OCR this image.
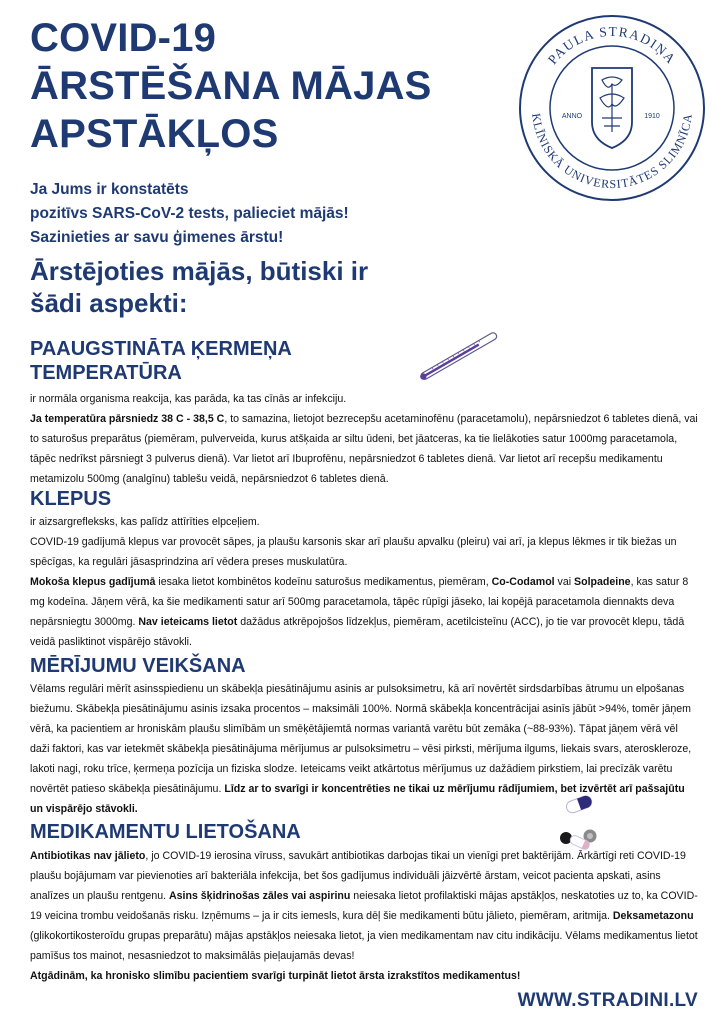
COVID-19
ĀRSTĒŠANA MĀJAS
APSTĀKĻOS
PAULA STRADIŅA
KLĪNISKĀ UNIVERSITĀTES SLIMNĪCA
ANNO	1910
Ja Jums ir konstatēts
pozitīvs SARS-CoV-2 tests, palieciet mājās!
Sazinieties ar savu ģimenes ārstu!
Ārstējoties mājās, būtiski ir
šādi aspekti:
PAAUGSTINĀTA ĶERMEŅA
TEMPERATŪRA

ir normāla organisma reakcija, kas parāda, ka tas cīnās ar infekciju.
Ja temperatūra pārsniedz 38 C - 38,5 C, to samazina, lietojot bezrecepšu acetaminofēnu (paracetamolu), nepārsniedzot 6 tabletes dienā, vai to saturošus preparātus (piemēram, pulverveida, kurus atšķaida ar siltu ūdeni, bet jāatceras, ka tie lielākoties satur 1000mg paracetamola, tāpēc nedrīkst pārsniegt 3 pulverus dienā). Var lietot arī Ibuprofēnu, nepārsniedzot 6 tabletes dienā. Var lietot arī recepšu medikamentu metamizolu 500mg (analgīnu) tablešu veidā, nepārsniedzot 6 tabletes dienā.

KLEPUS

ir aizsargrefleksks, kas palīdz attīrīties elpceļiem.
COVID-19 gadījumā klepus var provocēt sāpes, ja plaušu karsonis skar arī plaušu apvalku (pleiru) vai arī, ja klepus lēkmes ir tik biežas un spēcīgas, ka regulāri jāsasprindzina arī vēdera preses muskulatūra.
Mokoša klepus gadījumā iesaka lietot kombinētos kodeīnu saturošus medikamentus, piemēram, Co-Codamol vai Solpadeine, kas satur 8 mg kodeīna. Jāņem vērā, ka šie medikamenti satur arī 500mg paracetamola, tāpēc rūpīgi jāseko, lai kopējā paracetamola diennakts deva nepārsniegtu 3000mg. Nav ieteicams lietot dažādus atkrēpojošos līdzekļus, piemēram, acetilcisteīnu (ACC), jo tie var provocēt klepu, tādā veidā pasliktinot vispārējo stāvokli.

MĒRĪJUMU VEIKŠANA

Vēlams regulāri mērīt asinsspiedienu un skābekļa piesātinājumu asinis ar pulsoksimetru, kā arī novērtēt sirdsdarbības ātrumu un elpošanas biežumu. Skābekļa piesātinājumu asinis izsaka procentos – maksimāli 100%. Normā skābekļa koncentrācijai asinīs jābūt >94%, tomēr jāņem vērā, ka pacientiem ar hroniskām plaušu slimībām un smēķētājiemtā normas variantā varētu būt zemāka (~88-93%). Tāpat jāņem vērā vēl daži faktori, kas var ietekmēt skābekļa piesātinājuma mērījumus ar pulsoksimetru – vēsi pirksti, mērījuma ilgums, liekais svars, ateroskleroze, lakoti nagi, roku trīce, ķermeņa pozīcija un fiziska slodze. Ieteicams veikt atkārtotus mērījumus uz dažādiem pirkstiem, lai precīzāk varētu novērtēt patieso skābekļa piesātinājumu. Līdz ar to svarīgi ir koncentrēties ne tikai uz mērījumu rādījumiem, bet izvērtēt arī pašsajūtu un vispārējo stāvokli.

MEDIKAMENTU LIETOŠANA

Antibiotikas nav jālieto, jo COVID-19 ierosina vīruss, savukārt antibiotikas darbojas tikai un vienīgi pret baktērijām. Ārkārtīgi reti COVID-19 plaušu bojājumam var pievienoties arī bakteriāla infekcija, bet šos gadījumus individuāli jāizvērtē ārstam, veicot pacienta apskati, asins analīzes un plaušu rentgenu. Asins šķidrinošas zāles vai aspirinu neiesaka lietot profilaktiski mājas apstākļos, neskatoties uz to, ka COVID-19 veicina trombu veidošanās risku. Izņēmums – ja ir cits iemesls, kura dēļ šie medikamenti būtu jālieto, piemēram, aritmija. Deksametazonu (glikokortikosteroīdu grupas preparātu) mājas apstākļos neiesaka lietot, ja vien medikamentam nav citu indikāciju. Vēlams medikamentus lietot pamīšus tos mainot, nesasniedzot to maksimālās pieļaujamās devas!
Atgādinām, ka hronisko slimību pacientiem svarīgi turpināt lietot ārsta izrakstītos medikamentus!

WWW.STRADINI.LV
